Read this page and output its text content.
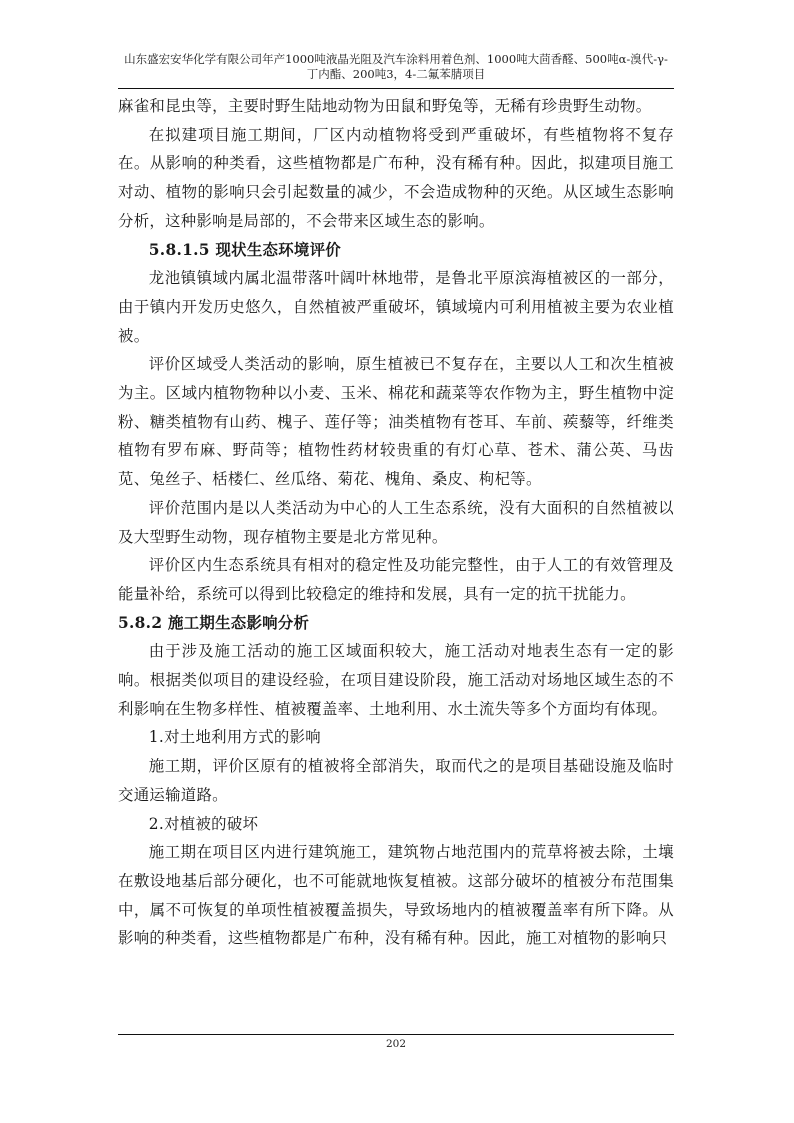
山东盛宏安华化学有限公司年产1000吨液晶光阻及汽车涂料用着色剂、1000吨大茴香醛、500吨α-溴代-γ-
丁内酯、200吨3，4-二氟苯腈项目

麻雀和昆虫等，主要时野生陆地动物为田鼠和野兔等，无稀有珍贵野生动物。

在拟建项目施工期间，厂区内动植物将受到严重破坏，有些植物将不复存在。从影响的种类看，这些植物都是广布种，没有稀有种。因此，拟建项目施工对动、植物的影响只会引起数量的减少，不会造成物种的灭绝。从区域生态影响分析，这种影响是局部的，不会带来区域生态的影响。

5.8.1.5 现状生态环境评价

龙池镇镇域内属北温带落叶阔叶林地带，是鲁北平原滨海植被区的一部分，由于镇内开发历史悠久，自然植被严重破坏，镇域境内可利用植被主要为农业植被。

评价区域受人类活动的影响，原生植被已不复存在，主要以人工和次生植被为主。区域内植物物种以小麦、玉米、棉花和蔬菜等农作物为主，野生植物中淀粉、糖类植物有山药、槐子、莲仔等；油类植物有苍耳、车前、蒺藜等，纤维类植物有罗布麻、野苘等；植物性药材较贵重的有灯心草、苍术、蒲公英、马齿苋、兔丝子、栝楼仁、丝瓜络、菊花、槐角、桑皮、枸杞等。

评价范围内是以人类活动为中心的人工生态系统，没有大面积的自然植被以及大型野生动物，现存植物主要是北方常见种。

评价区内生态系统具有相对的稳定性及功能完整性，由于人工的有效管理及能量补给，系统可以得到比较稳定的维持和发展，具有一定的抗干扰能力。

5.8.2 施工期生态影响分析

由于涉及施工活动的施工区域面积较大，施工活动对地表生态有一定的影响。根据类似项目的建设经验，在项目建设阶段，施工活动对场地区域生态的不利影响在生物多样性、植被覆盖率、土地利用、水土流失等多个方面均有体现。

1.对土地利用方式的影响

施工期，评价区原有的植被将全部消失，取而代之的是项目基础设施及临时交通运输道路。

2.对植被的破坏

施工期在项目区内进行建筑施工，建筑物占地范围内的荒草将被去除，土壤在敷设地基后部分硬化，也不可能就地恢复植被。这部分破坏的植被分布范围集中，属不可恢复的单项性植被覆盖损失，导致场地内的植被覆盖率有所下降。从影响的种类看，这些植物都是广布种，没有稀有种。因此，施工对植物的影响只

202
